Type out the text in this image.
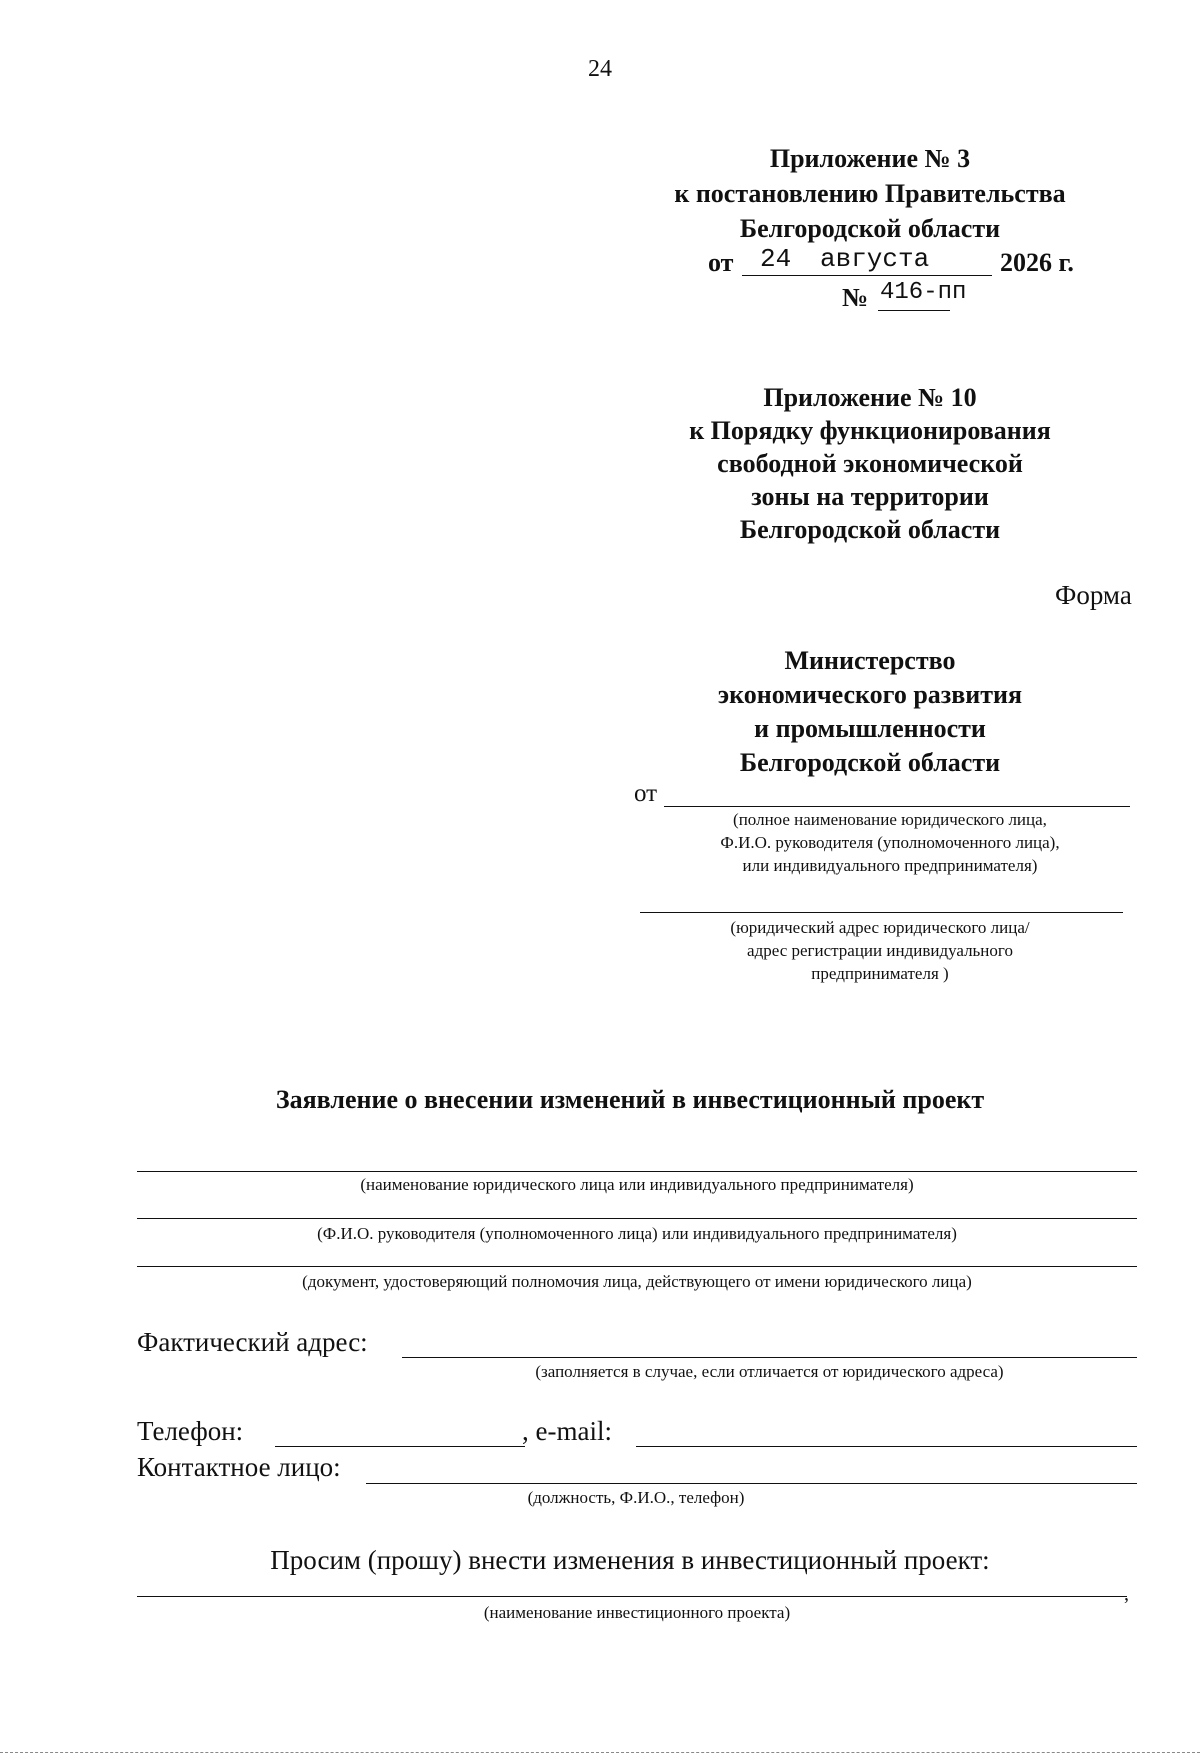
24
Приложение № 3
к постановлению Правительства
Белгородской области
от 24 августа	2026 г.
№ 416-пп
Приложение № 10
к Порядку функционирования
свободной экономической
зоны на территории
Белгородской области
Форма
Министерство
экономического развития
и промышленности
Белгородской области
от
(полное наименование юридического лица,
Ф.И.О. руководителя (уполномоченного лица),
или индивидуального предпринимателя)
(юридический адрес юридического лица/
адрес регистрации индивидуального
предпринимателя )
Заявление о внесении изменений в инвестиционный проект
(наименование юридического лица или индивидуального предпринимателя)
(Ф.И.О. руководителя (уполномоченного лица) или индивидуального предпринимателя)
(документ, удостоверяющий полномочия лица, действующего от имени юридического лица)
Фактический адрес:
(заполняется в случае, если отличается от юридического адреса)
Телефон:	, e-mail:
Контактное лицо:
(должность, Ф.И.О., телефон)
Просим (прошу) внести изменения в инвестиционный проект:
,
(наименование инвестиционного проекта)
